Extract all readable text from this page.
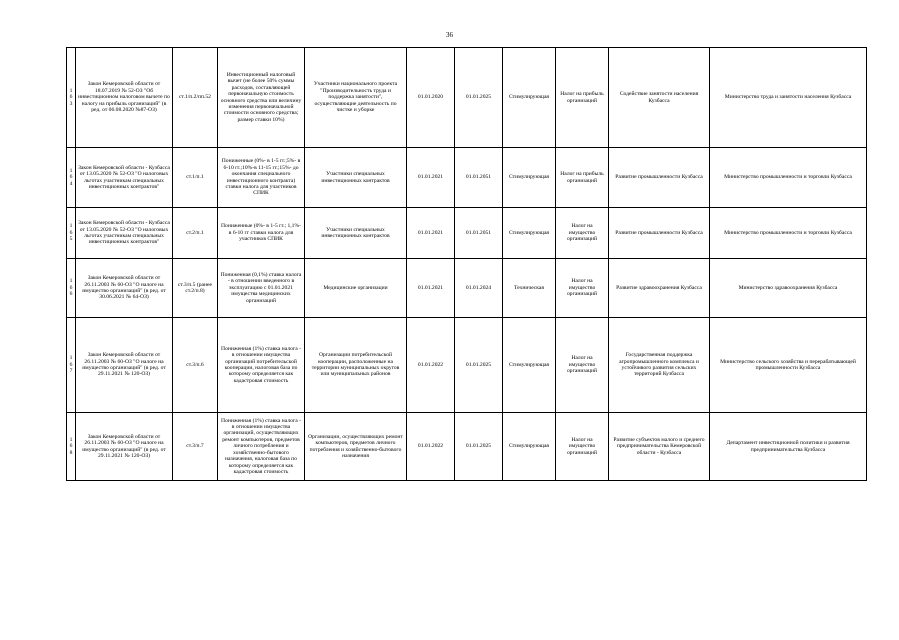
36
163	Закон Кемеровской области от 18.07.2019 № 52-ОЗ "Об инвестиционном налоговом вычете по налогу на прибыль организаций" (в ред. от 06.08.2020 №87-ОЗ)	ст.1/п.2/пп.52	Инвестиционный налоговый вычет (не более 50% суммы расходов, составляющей первоначальную стоимость основного средства или величину изменения первоначальной стоимости основного средства; размер ставки 10%)	Участники национального проекта "Производительность труда и поддержка занятости", осуществляющие деятельность по чистке и уборке	01.01.2020	01.01.2025	Стимулирующая	Налог на прибыль организаций	Содействие занятости населения Кузбасса	Министерство труда и занятости населения Кузбасса
164	Закон Кемеровской области - Кузбасса от 13.05.2020 № 52-ОЗ "О налоговых льготах участникам специальных инвестиционных контрактов"	ст.1/п.1	Пониженные (0%- в 1-5 гг.;5%- в 6-10 гг.;10%-в 11-15 гг.;15%- до окончания специального инвестиционного контракта) ставки налога для участников СПИК	Участники специальных инвестиционных контрактов	01.01.2021	01.01.2051	Стимулирующая	Налог на прибыль организаций	Развитие промышленности Кузбасса	Министерство промышленности и торговли Кузбасса
165	Закон Кемеровской области - Кузбасса от 13.05.2020 № 52-ОЗ "О налоговых льготах участникам специальных инвестиционных контрактов"	ст.2/п.1	Пониженные (0%- в 1-5 гг.; 1,1%- в 6-10 гг ставки налога для участников СПИК	Участники специальных инвестиционных контрактов	01.01.2021	01.01.2051	Стимулирующая	Налог на имущество организаций	Развитие промышленности Кузбасса	Министерство промышленности и торговли Кузбасса
166	Закон Кемеровской области от 26.11.2003 № 60-ОЗ "О налоге на имущество организаций" (в ред. от 30.06.2021 № 64-ОЗ)	ст.3/п.5 (ранее ст.2/п.8)	Пониженная (0,1%) ставка налога - в отношении введенного в эксплуатацию с 01.01.2021 имущества медицинских организаций	Медицинские организации	01.01.2021	01.01.2024	Техническая	Налог на имущество организаций	Развитие здравоохранения Кузбасса	Министерство здравоохранения Кузбасса
167	Закон Кемеровской области от 26.11.2003 № 60-ОЗ "О налоге на имущество организаций" (в ред. от 29.11.2021 № 120-ОЗ)	ст.3/п.6	Пониженная (1%) ставка налога - в отношении имущества организаций потребительской кооперации, налоговая база по которому определяется как кадастровая стоимость	Организации потребительской кооперации, расположенные на территории муниципальных округов или муниципальных районов	01.01.2022	01.01.2025	Стимулирующая	Налог на имущество организаций	Государственная поддержка агропромышленного комплекса и устойчивого развития сельских территорий Кузбасса	Министерство сельского хозяйства и перерабатывающей промышленности Кузбасса
168	Закон Кемеровской области от 26.11.2003 № 60-ОЗ "О налоге на имущество организаций" (в ред. от 29.11.2021 № 120-ОЗ)	ст.3/п.7	Пониженная (1%) ставка налога - в отношении имущества организаций, осуществляющих ремонт компьютеров, предметов личного потребления и хозяйственно-бытового назначения, налоговая база по которому определяется как кадастровая стоимость	Организации, осуществляющих ремонт компьютеров, предметов личного потребления и хозяйственно-бытового назначения	01.01.2022	01.01.2025	Стимулирующая	Налог на имущество организаций	Развитие субъектов малого и среднего предпринимательства Кемеровской области - Кузбасса	Департамент инвестиционной политики и развития предпринимательства Кузбасса
